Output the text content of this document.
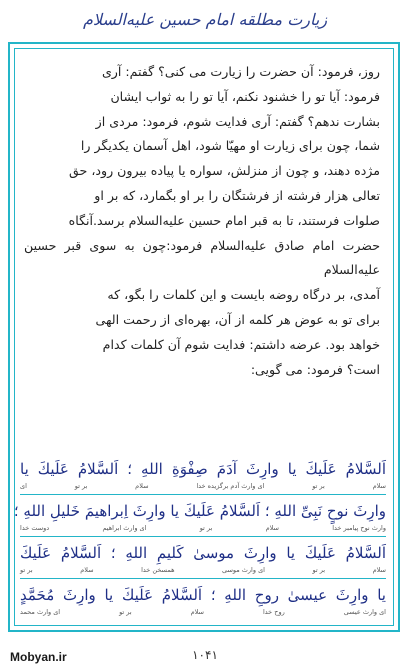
زیارت مطلقه امام حسین علیه‌السلام

روز، فرمود: آن حضرت را زیارت می کنی؟ گفتم: آری

فرمود: آیا تو را خشنود نکنم، آیا تو را به ثواب ایشان

بشارت ندهم؟ گفتم: آری فدایت شوم، فرمود: مردی از

شما، چون برای زیارت او مهیّا شود، اهل آسمان یکدیگر را

مژده دهند، و چون از منزلش، سواره یا پیاده بیرون رود، حق

تعالی هزار فرشته از فرشتگان را بر او بگمارد، که بر او

صلوات فرستند، تا به قبر امام حسین علیه‌السلام برسد.آنگاه

حضرت امام صادق علیه‌السلام فرمود:چون به سوی قبر حسین علیه‌السلام

آمدی، بر درگاه روضه بایست و این کلمات را بگو، که

برای تو به عوض هر کلمه از آن، بهره‌ای از رحمت الهی

خواهد بود. عرضه داشتم: فدایت شوم آن کلمات کدام

است؟ فرمود: می گویی:

اَلسَّلامُ عَلَیكَ یا وارِثَ آدَمَ صِفْوَةِ اللهِ ؛ اَلسَّلامُ عَلَیكَ یا
سلام
بر تو
ای وارث آدم برگزیده خدا
سلام
بر تو
ای
وارِثَ نوحٍ نَبِیِّ اللهِ ؛ اَلسَّلامُ عَلَیكَ یا وارِثَ اِبراهیمَ خَلیلِ اللهِ ؛
وارث نوح پیامبر خدا
سلام
بر تو
ای وارث ابراهیم
دوست خدا
اَلسَّلامُ عَلَیكَ یا وارِثَ موسیٰ كَلیمِ اللهِ ؛ اَلسَّلامُ عَلَیكَ
سلام
بر تو
ای وارث موسی
همسخن خدا
سلام
بر تو
یا وارِثَ عیسیٰ روحِ اللهِ ؛ اَلسَّلامُ عَلَیكَ یا وارِثَ مُحَمَّدٍ
ای وارث عیسی
روح خدا
سلام
بر تو
ای وارث محمد
Mobyan.ir	۱۰۴۱
